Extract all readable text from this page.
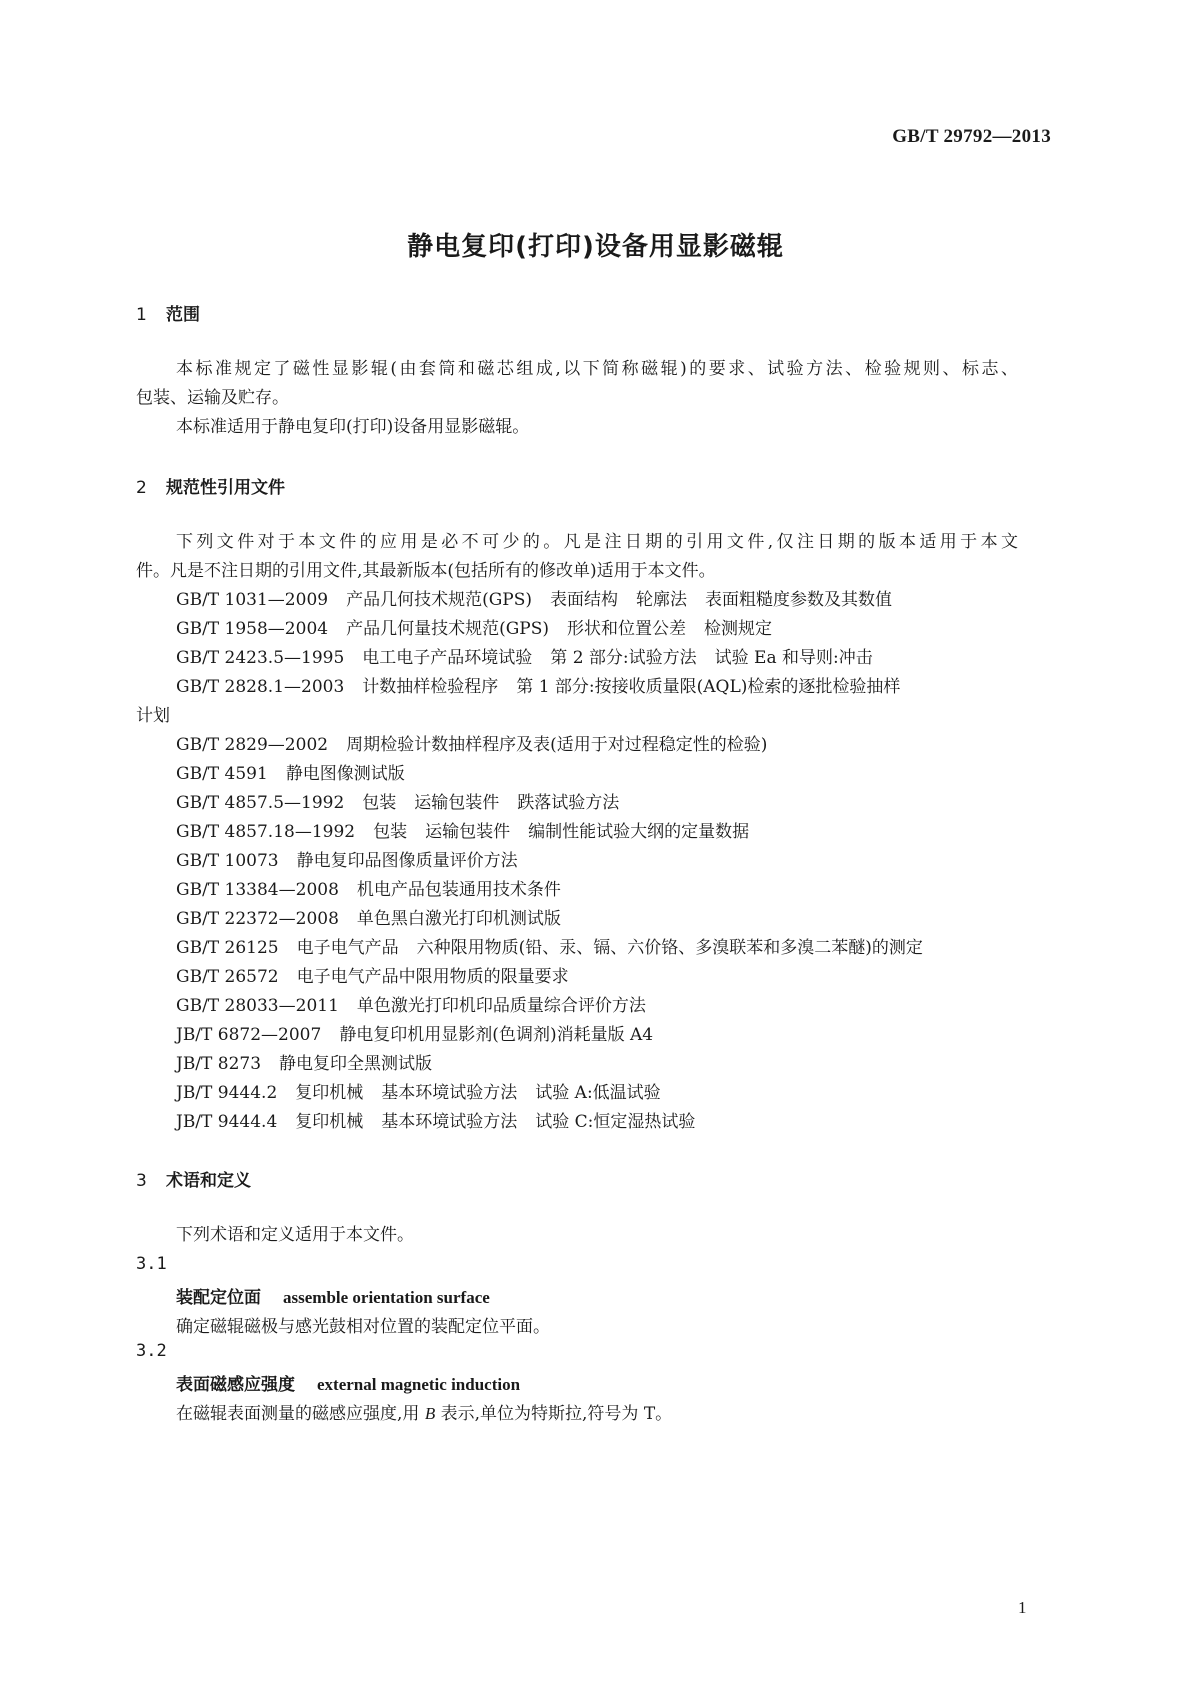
GB/T 29792—2013
静电复印(打印)设备用显影磁辊
1 范围
本标准规定了磁性显影辊(由套筒和磁芯组成,以下简称磁辊)的要求、试验方法、检验规则、标志、
包装、运输及贮存。
本标准适用于静电复印(打印)设备用显影磁辊。
2 规范性引用文件
下列文件对于本文件的应用是必不可少的。凡是注日期的引用文件,仅注日期的版本适用于本文
件。凡是不注日期的引用文件,其最新版本(包括所有的修改单)适用于本文件。
GB/T 1031—2009 产品几何技术规范(GPS) 表面结构 轮廓法 表面粗糙度参数及其数值
GB/T 1958—2004 产品几何量技术规范(GPS) 形状和位置公差 检测规定
GB/T 2423.5—1995 电工电子产品环境试验 第 2 部分:试验方法 试验 Ea 和导则:冲击
GB/T 2828.1—2003 计数抽样检验程序 第 1 部分:按接收质量限(AQL)检索的逐批检验抽样
计划
GB/T 2829—2002 周期检验计数抽样程序及表(适用于对过程稳定性的检验)
GB/T 4591 静电图像测试版
GB/T 4857.5—1992 包装 运输包装件 跌落试验方法
GB/T 4857.18—1992 包装 运输包装件 编制性能试验大纲的定量数据
GB/T 10073 静电复印品图像质量评价方法
GB/T 13384—2008 机电产品包装通用技术条件
GB/T 22372—2008 单色黑白激光打印机测试版
GB/T 26125 电子电气产品 六种限用物质(铅、汞、镉、六价铬、多溴联苯和多溴二苯醚)的测定
GB/T 26572 电子电气产品中限用物质的限量要求
GB/T 28033—2011 单色激光打印机印品质量综合评价方法
JB/T 6872—2007 静电复印机用显影剂(色调剂)消耗量版 A4
JB/T 8273 静电复印全黑测试版
JB/T 9444.2 复印机械 基本环境试验方法 试验 A:低温试验
JB/T 9444.4 复印机械 基本环境试验方法 试验 C:恒定湿热试验
3 术语和定义
下列术语和定义适用于本文件。
3.1
装配定位面 assemble orientation surface
确定磁辊磁极与感光鼓相对位置的装配定位平面。
3.2
表面磁感应强度 external magnetic induction
在磁辊表面测量的磁感应强度,用 B 表示,单位为特斯拉,符号为 T。
1
